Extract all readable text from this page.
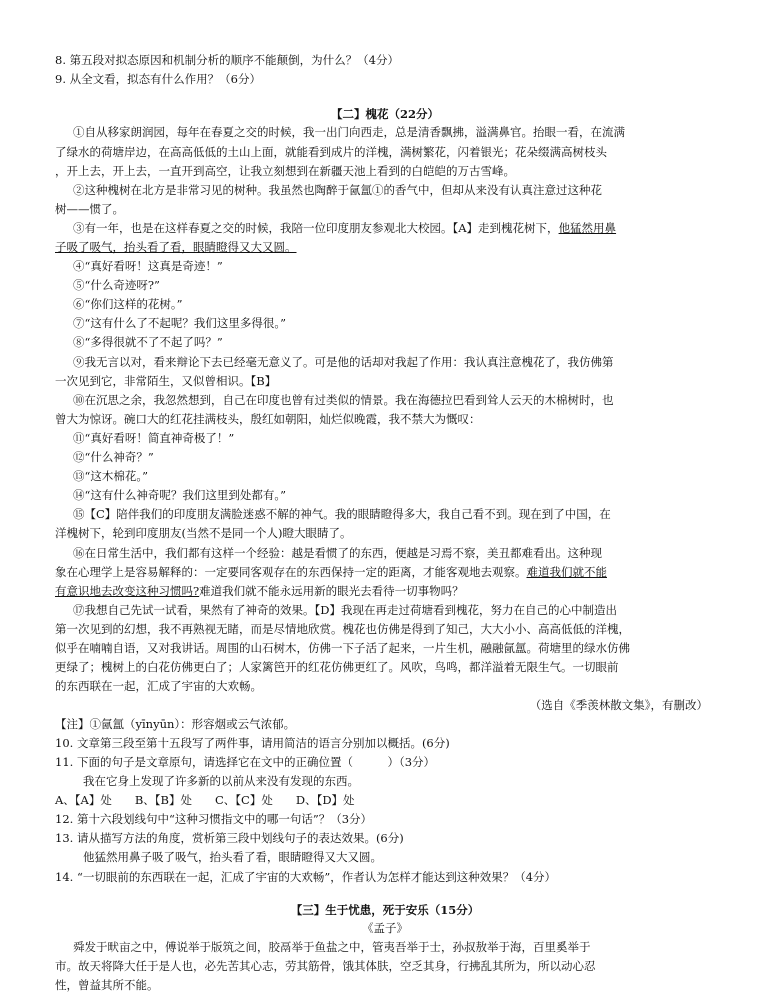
8. 第五段对拟态原因和机制分析的顺序不能颠倒，为什么？（4分）
9. 从全文看，拟态有什么作用？（6分）
【二】槐花（22分）
①自从移家朗润园，每年在春夏之交的时候，我一出门向西走，总是清香飘拂，溢满鼻官。抬眼一看，在流满
了绿水的荷塘岸边，在高高低低的土山上面，就能看到成片的洋槐，满树繁花，闪着银光；花朵缀满高树枝头
，开上去，开上去，一直开到高空，让我立刻想到在新疆天池上看到的白皑皑的万古雪峰。
②这种槐树在北方是非常习见的树种。我虽然也陶醉于氤氲①的香气中，但却从来没有认真注意过这种花
树——惯了。
③有一年，也是在这样春夏之交的时候，我陪一位印度朋友参观北大校园。【A】走到槐花树下，他猛然用鼻
子吸了吸气，抬头看了看，眼睛瞪得又大又圆。
④“真好看呀！这真是奇迹！”
⑤“什么奇迹呀?”
⑥“你们这样的花树。”
⑦“这有什么了不起呢？我们这里多得很。”
⑧“多得很就不了不起了吗？”
⑨我无言以对，看来辩论下去已经毫无意义了。可是他的话却对我起了作用：我认真注意槐花了，我仿佛第
一次见到它，非常陌生，又似曾相识。【B】
⑩在沉思之余，我忽然想到，自己在印度也曾有过类似的情景。我在海德拉巴看到耸人云天的木棉树时，也
曾大为惊讶。碗口大的红花挂满枝头，殷红如朝阳，灿烂似晚霞，我不禁大为慨叹：
⑪“真好看呀！简直神奇极了！”
⑫“什么神奇？”
⑬“这木棉花。”
⑭“这有什么神奇呢？我们这里到处都有。”
⑮【C】陪伴我们的印度朋友满脸迷惑不解的神气。我的眼睛瞪得多大，我自己看不到。现在到了中国，在
洋槐树下，轮到印度朋友(当然不是同一个人)瞪大眼睛了。
⑯在日常生活中，我们都有这样一个经验：越是看惯了的东西，便越是习焉不察，美丑都难看出。这种现
象在心理学上是容易解释的：一定要同客观存在的东西保持一定的距离，才能客观地去观察。难道我们就不能
有意识地去改变这种习惯吗?难道我们就不能永远用新的眼光去看待一切事物吗？
⑰我想自己先试一试看，果然有了神奇的效果。【D】我现在再走过荷塘看到槐花，努力在自己的心中制造出
第一次见到的幻想，我不再熟视无睹，而是尽情地欣赏。槐花也仿佛是得到了知己，大大小小、高高低低的洋槐，
似乎在喃喃自语，又对我讲话。周围的山石树木，仿佛一下子活了起来，一片生机，融融氤氲。荷塘里的绿水仿佛
更绿了；槐树上的白花仿佛更白了；人家篱笆开的红花仿佛更红了。风吹，鸟鸣，都洋溢着无限生气。一切眼前
的东西联在一起，汇成了宇宙的大欢畅。
（选自《季羡林散文集》，有删改）
【注】①氤氲（yīnyūn）：形容烟或云气浓郁。
10. 文章第三段至第十五段写了两件事，请用简洁的语言分别加以概括。(6分)
11. 下面的句子是文章原句，请选择它在文中的正确位置（　　　）（3分）
我在它身上发现了许多新的以前从来没有发现的东西。
A、【A】处　　B、【B】处　　C、【C】处　　D、【D】处
12. 第十六段划线句中“这种习惯指文中的哪一句话”？（3分）
13. 请从描写方法的角度，赏析第三段中划线句子的表达效果。(6分)
他猛然用鼻子吸了吸气，抬头看了看，眼睛瞪得又大又圆。
14. “一切眼前的东西联在一起，汇成了宇宙的大欢畅”，作者认为怎样才能达到这种效果？（4分）
【三】生于忧患，死于安乐（15分）
《孟子》
舜发于畎亩之中，傅说举于版筑之间，胶鬲举于鱼盐之中，管夷吾举于士，孙叔敖举于海，百里奚举于
市。故天将降大任于是人也，必先苦其心志，劳其筋骨，饿其体肤，空乏其身，行拂乱其所为，所以动心忍
性，曾益其所不能。
